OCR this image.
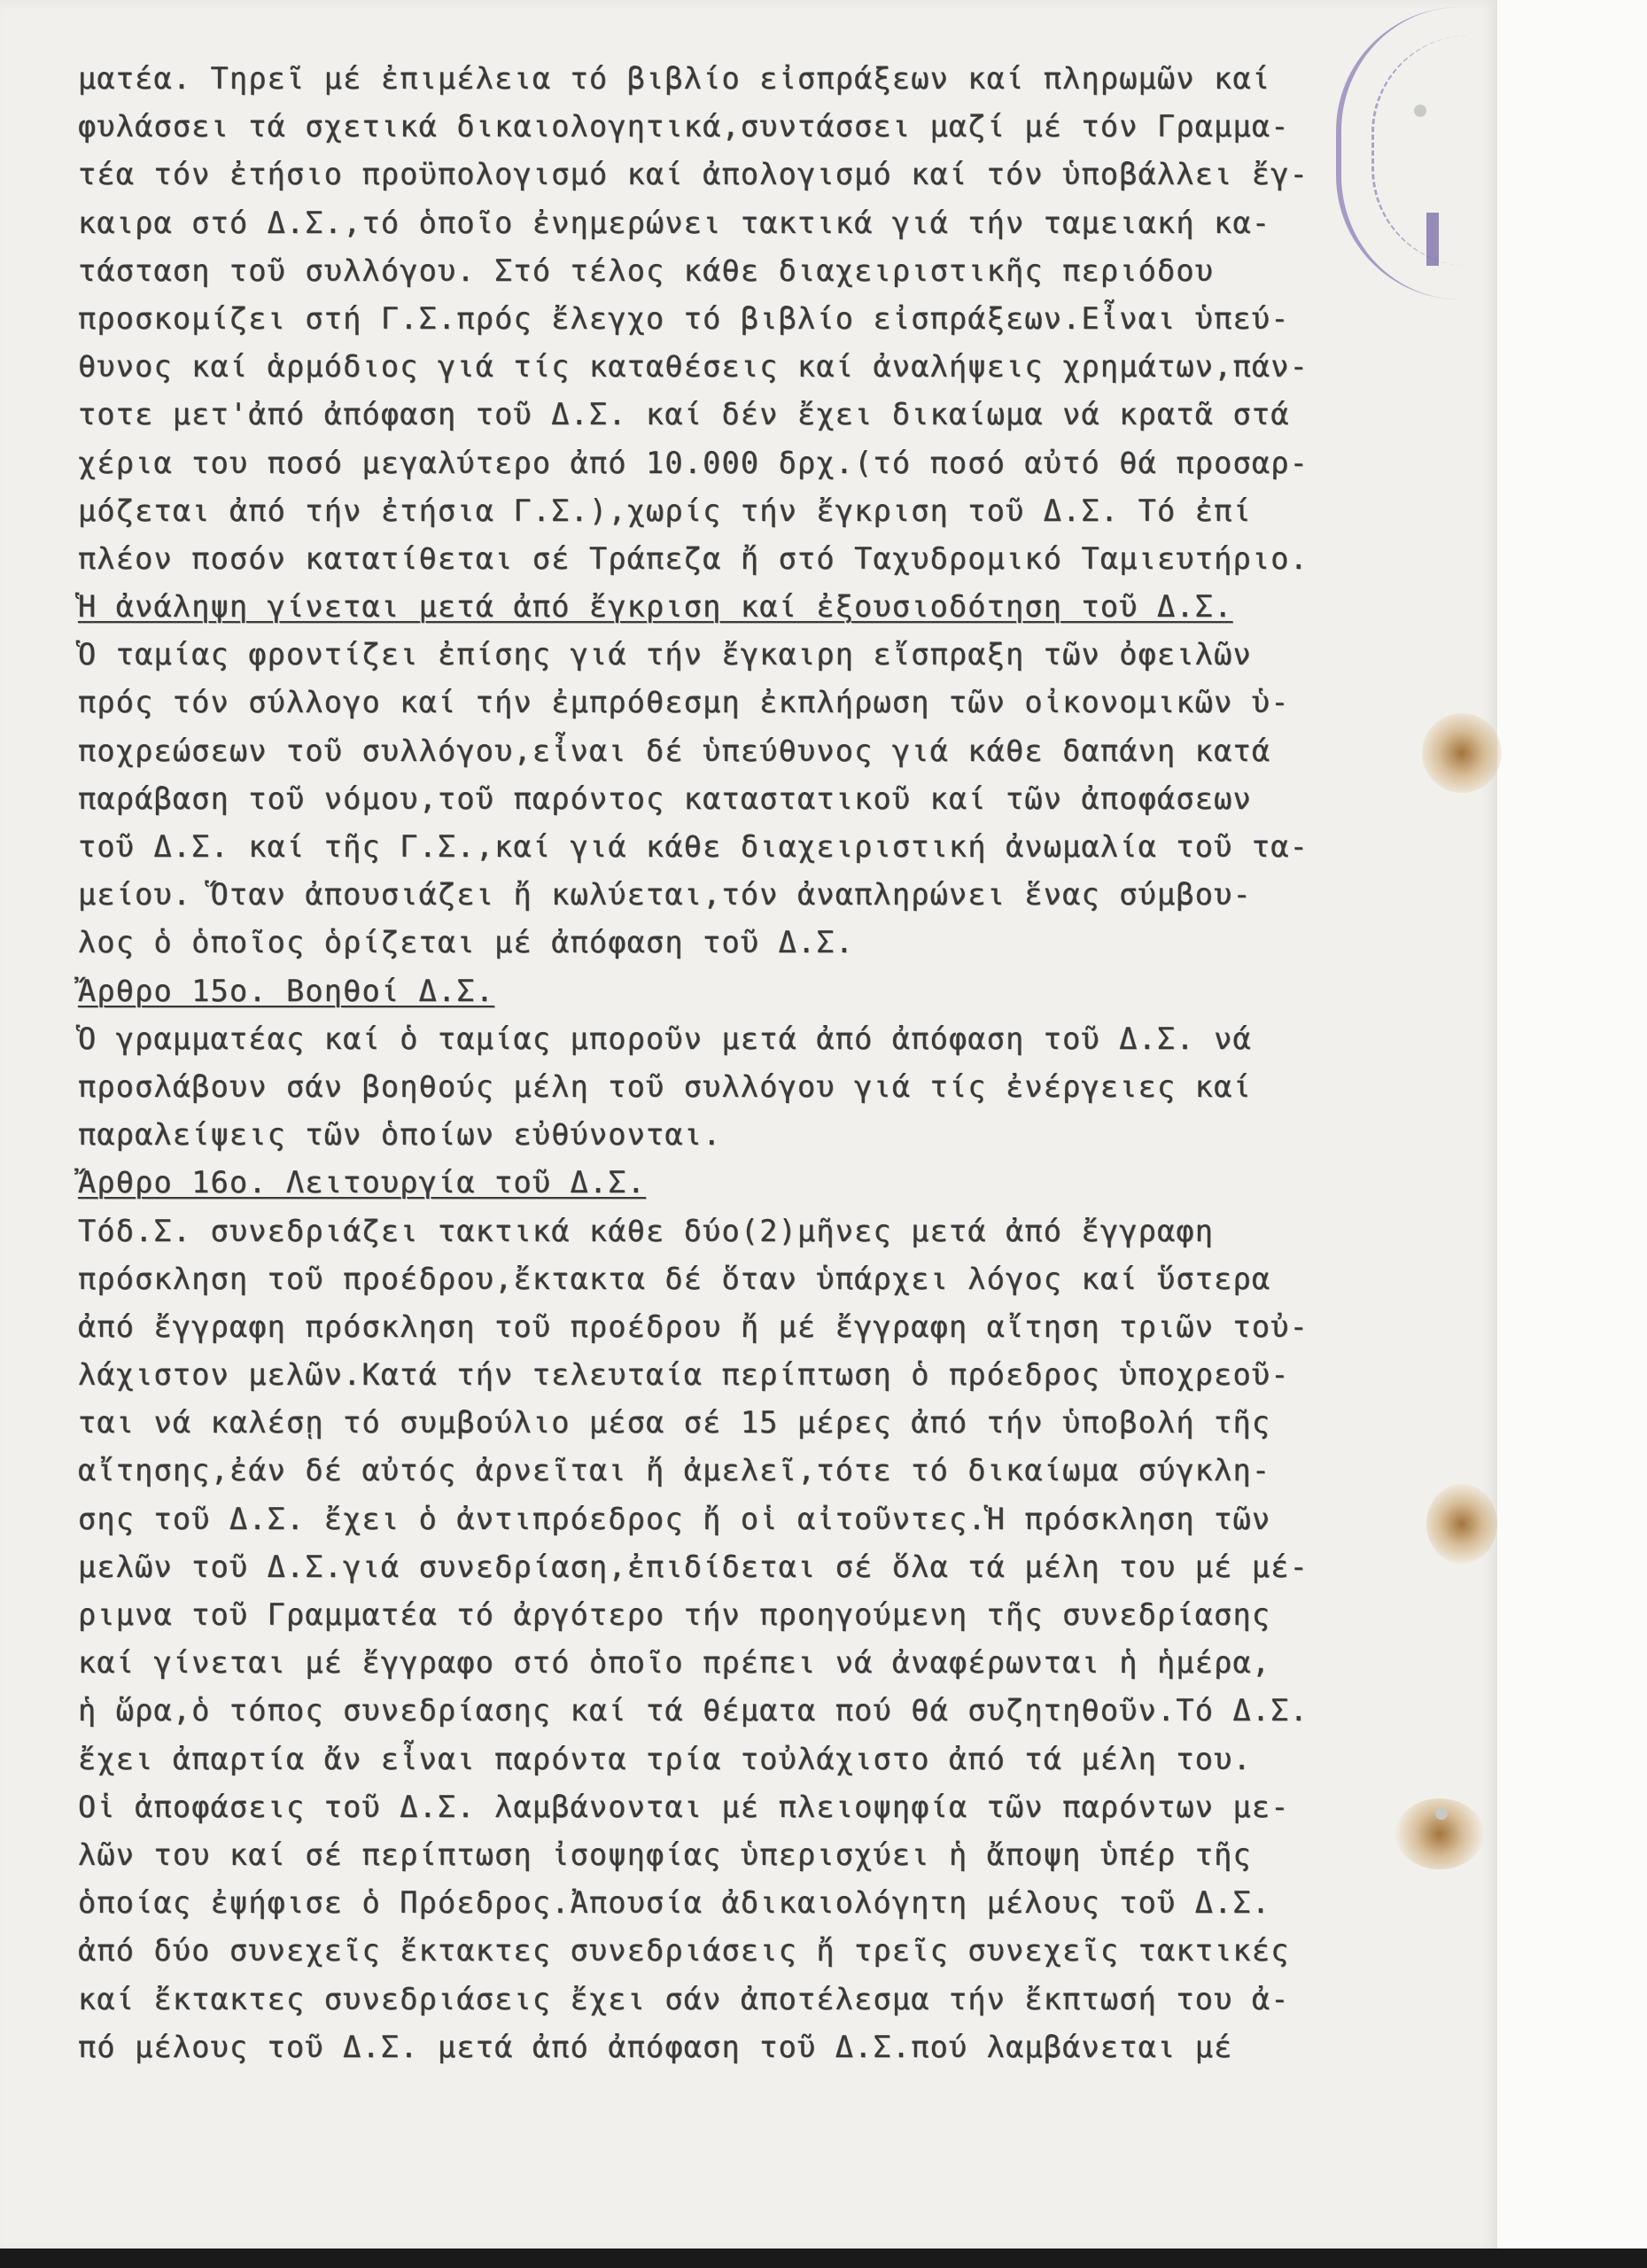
ματέα. Τηρεῖ μέ ἐπιμέλεια τό βιβλίο εἰσπράξεων καί πληρωμῶν καί
φυλάσσει τά σχετικά δικαιολογητικά,συντάσσει μαζί μέ τόν Γραμμα-
τέα τόν ἐτήσιο προϋπολογισμό καί ἀπολογισμό καί τόν ὑποβάλλει ἔγ-
καιρα στό Δ.Σ.,τό ὁποῖο ἐνημερώνει τακτικά γιά τήν ταμειακή κα-
τάσταση τοῦ συλλόγου. Στό τέλος κάθε διαχειριστικῆς περιόδου
προσκομίζει στή Γ.Σ.πρός ἔλεγχο τό βιβλίο εἰσπράξεων.Εἶναι ὑπεύ-
θυνος καί ἁρμόδιος γιά τίς καταθέσεις καί ἀναλήψεις χρημάτων,πάν-
τοτε μετ'ἀπό ἀπόφαση τοῦ Δ.Σ. καί δέν ἔχει δικαίωμα νά κρατᾶ στά
χέρια του ποσό μεγαλύτερο ἀπό 10.000 δρχ.(τό ποσό αὐτό θά προσαρ-
μόζεται ἀπό τήν ἐτήσια Γ.Σ.),χωρίς τήν ἔγκριση τοῦ Δ.Σ. Τό ἐπί
πλέον ποσόν κατατίθεται σέ Τράπεζα ἤ στό Ταχυδρομικό Ταμιευτήριο.
Ἡ ἀνάληψη γίνεται μετά ἀπό ἔγκριση καί ἐξουσιοδότηση τοῦ Δ.Σ.
Ὁ ταμίας φροντίζει ἐπίσης γιά τήν ἔγκαιρη εἴσπραξη τῶν ὀφειλῶν
πρός τόν σύλλογο καί τήν ἐμπρόθεσμη ἐκπλήρωση τῶν οἰκονομικῶν ὑ-
ποχρεώσεων τοῦ συλλόγου,εἶναι δέ ὑπεύθυνος γιά κάθε δαπάνη κατά
παράβαση τοῦ νόμου,τοῦ παρόντος καταστατικοῦ καί τῶν ἀποφάσεων
τοῦ Δ.Σ. καί τῆς Γ.Σ.,καί γιά κάθε διαχειριστική ἀνωμαλία τοῦ τα-
μείου. Ὅταν ἀπουσιάζει ἤ κωλύεται,τόν ἀναπληρώνει ἕνας σύμβου-
λος ὁ ὁποῖος ὁρίζεται μέ ἀπόφαση τοῦ Δ.Σ.
Ἄρθρο 15ο. Βοηθοί Δ.Σ.
Ὁ γραμματέας καί ὁ ταμίας μποροῦν μετά ἀπό ἀπόφαση τοῦ Δ.Σ. νά
προσλάβουν σάν βοηθούς μέλη τοῦ συλλόγου γιά τίς ἐνέργειες καί
παραλείψεις τῶν ὁποίων εὐθύνονται.
Ἄρθρο 16ο. Λειτουργία τοῦ Δ.Σ.
Τόδ.Σ. συνεδριάζει τακτικά κάθε δύο(2)μῆνες μετά ἀπό ἔγγραφη
πρόσκληση τοῦ προέδρου,ἔκτακτα δέ ὅταν ὑπάρχει λόγος καί ὕστερα
ἀπό ἔγγραφη πρόσκληση τοῦ προέδρου ἤ μέ ἔγγραφη αἴτηση τριῶν τοὐ-
λάχιστον μελῶν.Κατά τήν τελευταία περίπτωση ὁ πρόεδρος ὑποχρεοῦ-
ται νά καλέσῃ τό συμβούλιο μέσα σέ 15 μέρες ἀπό τήν ὑποβολή τῆς
αἴτησης,ἐάν δέ αὐτός ἀρνεῖται ἤ ἀμελεῖ,τότε τό δικαίωμα σύγκλη-
σης τοῦ Δ.Σ. ἔχει ὁ ἀντιπρόεδρος ἤ οἱ αἰτοῦντες.Ἡ πρόσκληση τῶν
μελῶν τοῦ Δ.Σ.γιά συνεδρίαση,ἐπιδίδεται σέ ὅλα τά μέλη του μέ μέ-
ριμνα τοῦ Γραμματέα τό ἀργότερο τήν προηγούμενη τῆς συνεδρίασης
καί γίνεται μέ ἔγγραφο στό ὁποῖο πρέπει νά ἀναφέρωνται ἡ ἡμέρα,
ἡ ὥρα,ὁ τόπος συνεδρίασης καί τά θέματα πού θά συζητηθοῦν.Τό Δ.Σ.
ἔχει ἀπαρτία ἄν εἶναι παρόντα τρία τοὐλάχιστο ἀπό τά μέλη του.
Οἱ ἀποφάσεις τοῦ Δ.Σ. λαμβάνονται μέ πλειοψηφία τῶν παρόντων με-
λῶν του καί σέ περίπτωση ἰσοψηφίας ὑπερισχύει ἡ ἄποψη ὑπέρ τῆς
ὁποίας ἐψήφισε ὁ Πρόεδρος.Ἀπουσία ἀδικαιολόγητη μέλους τοῦ Δ.Σ.
ἀπό δύο συνεχεῖς ἔκτακτες συνεδριάσεις ἤ τρεῖς συνεχεῖς τακτικές
καί ἔκτακτες συνεδριάσεις ἔχει σάν ἀποτέλεσμα τήν ἔκπτωσή του ἀ-
πό μέλους τοῦ Δ.Σ. μετά ἀπό ἀπόφαση τοῦ Δ.Σ.πού λαμβάνεται μέ
